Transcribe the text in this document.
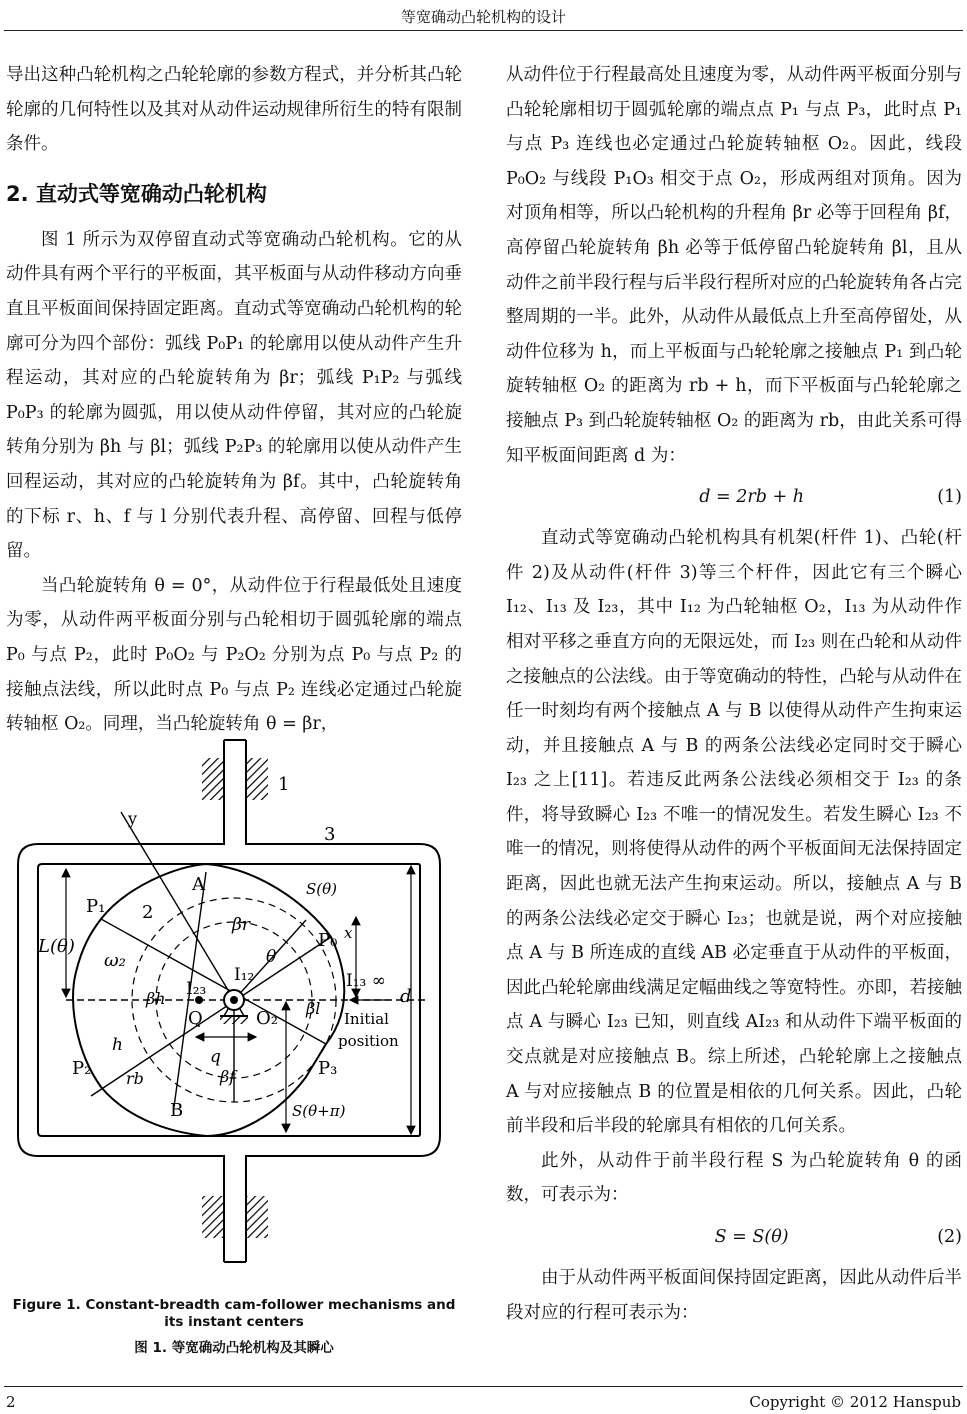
等宽确动凸轮机构的设计

导出这种凸轮机构之凸轮轮廓的参数方程式，并分析其凸轮轮廓的几何特性以及其对从动件运动规律所衍生的特有限制条件。

2. 直动式等宽确动凸轮机构

图 1 所示为双停留直动式等宽确动凸轮机构。它的从动件具有两个平行的平板面，其平板面与从动件移动方向垂直且平板面间保持固定距离。直动式等宽确动凸轮机构的轮廓可分为四个部份：弧线 P₀P₁ 的轮廓用以使从动件产生升程运动，其对应的凸轮旋转角为 βr；弧线 P₁P₂ 与弧线 P₀P₃ 的轮廓为圆弧，用以使从动件停留，其对应的凸轮旋转角分别为 βh 与 βl；弧线 P₂P₃ 的轮廓用以使从动件产生回程运动，其对应的凸轮旋转角为 βf。其中，凸轮旋转角的下标 r、h、f 与 l 分别代表升程、高停留、回程与低停留。

当凸轮旋转角 θ = 0°，从动件位于行程最低处且速度为零，从动件两平板面分别与凸轮相切于圆弧轮廓的端点 P₀ 与点 P₂，此时 P₀O₂ 与 P₂O₂ 分别为点 P₀ 与点 P₂ 的接触点法线，所以此时点 P₀ 与点 P₂ 连线必定通过凸轮旋转轴枢 O₂。同理，当凸轮旋转角 θ = βr，

1
3
y
A
B
P₁ 2
P₀ x
L(θ)
ω₂
βr
θ
I₁₂
I₂₃	I₁₃ ∞
βh
Q	O₂ βl
d
Initial
position
h
q
P₂ rb	βf	P₃
S(θ)
S(θ+π)
Figure 1. Constant-breadth cam-follower mechanisms and its instant centers
图 1. 等宽确动凸轮机构及其瞬心

从动件位于行程最高处且速度为零，从动件两平板面分别与凸轮轮廓相切于圆弧轮廓的端点点 P₁ 与点 P₃，此时点 P₁ 与点 P₃ 连线也必定通过凸轮旋转轴枢 O₂。因此，线段 P₀O₂ 与线段 P₁O₃ 相交于点 O₂，形成两组对顶角。因为对顶角相等，所以凸轮机构的升程角 βr 必等于回程角 βf，高停留凸轮旋转角 βh 必等于低停留凸轮旋转角 βl，且从动件之前半段行程与后半段行程所对应的凸轮旋转角各占完整周期的一半。此外，从动件从最低点上升至高停留处，从动件位移为 h，而上平板面与凸轮轮廓之接触点 P₁ 到凸轮旋转轴枢 O₂ 的距离为 rb + h，而下平板面与凸轮轮廓之接触点 P₃ 到凸轮旋转轴枢 O₂ 的距离为 rb，由此关系可得知平板面间距离 d 为：

d = 2rb + h	(1)

直动式等宽确动凸轮机构具有机架(杆件 1)、凸轮(杆件 2)及从动件(杆件 3)等三个杆件，因此它有三个瞬心 I₁₂、I₁₃ 及 I₂₃，其中 I₁₂ 为凸轮轴枢 O₂，I₁₃ 为从动件作相对平移之垂直方向的无限远处，而 I₂₃ 则在凸轮和从动件之接触点的公法线。由于等宽确动的特性，凸轮与从动件在任一时刻均有两个接触点 A 与 B 以使得从动件产生拘束运动，并且接触点 A 与 B 的两条公法线必定同时交于瞬心 I₂₃ 之上[11]。若违反此两条公法线必须相交于 I₂₃ 的条件，将导致瞬心 I₂₃ 不唯一的情况发生。若发生瞬心 I₂₃ 不唯一的情况，则将使得从动件的两个平板面间无法保持固定距离，因此也就无法产生拘束运动。所以，接触点 A 与 B 的两条公法线必定交于瞬心 I₂₃；也就是说，两个对应接触点 A 与 B 所连成的直线 AB 必定垂直于从动件的平板面，因此凸轮轮廓曲线满足定幅曲线之等宽特性。亦即，若接触点 A 与瞬心 I₂₃ 已知，则直线 AI₂₃ 和从动件下端平板面的交点就是对应接触点 B。综上所述，凸轮轮廓上之接触点 A 与对应接触点 B 的位置是相依的几何关系。因此，凸轮前半段和后半段的轮廓具有相依的几何关系。

此外，从动件于前半段行程 S 为凸轮旋转角 θ 的函数，可表示为：

S = S(θ)	(2)

由于从动件两平板面间保持固定距离，因此从动件后半段对应的行程可表示为：

2	Copyright © 2012 Hanspub
